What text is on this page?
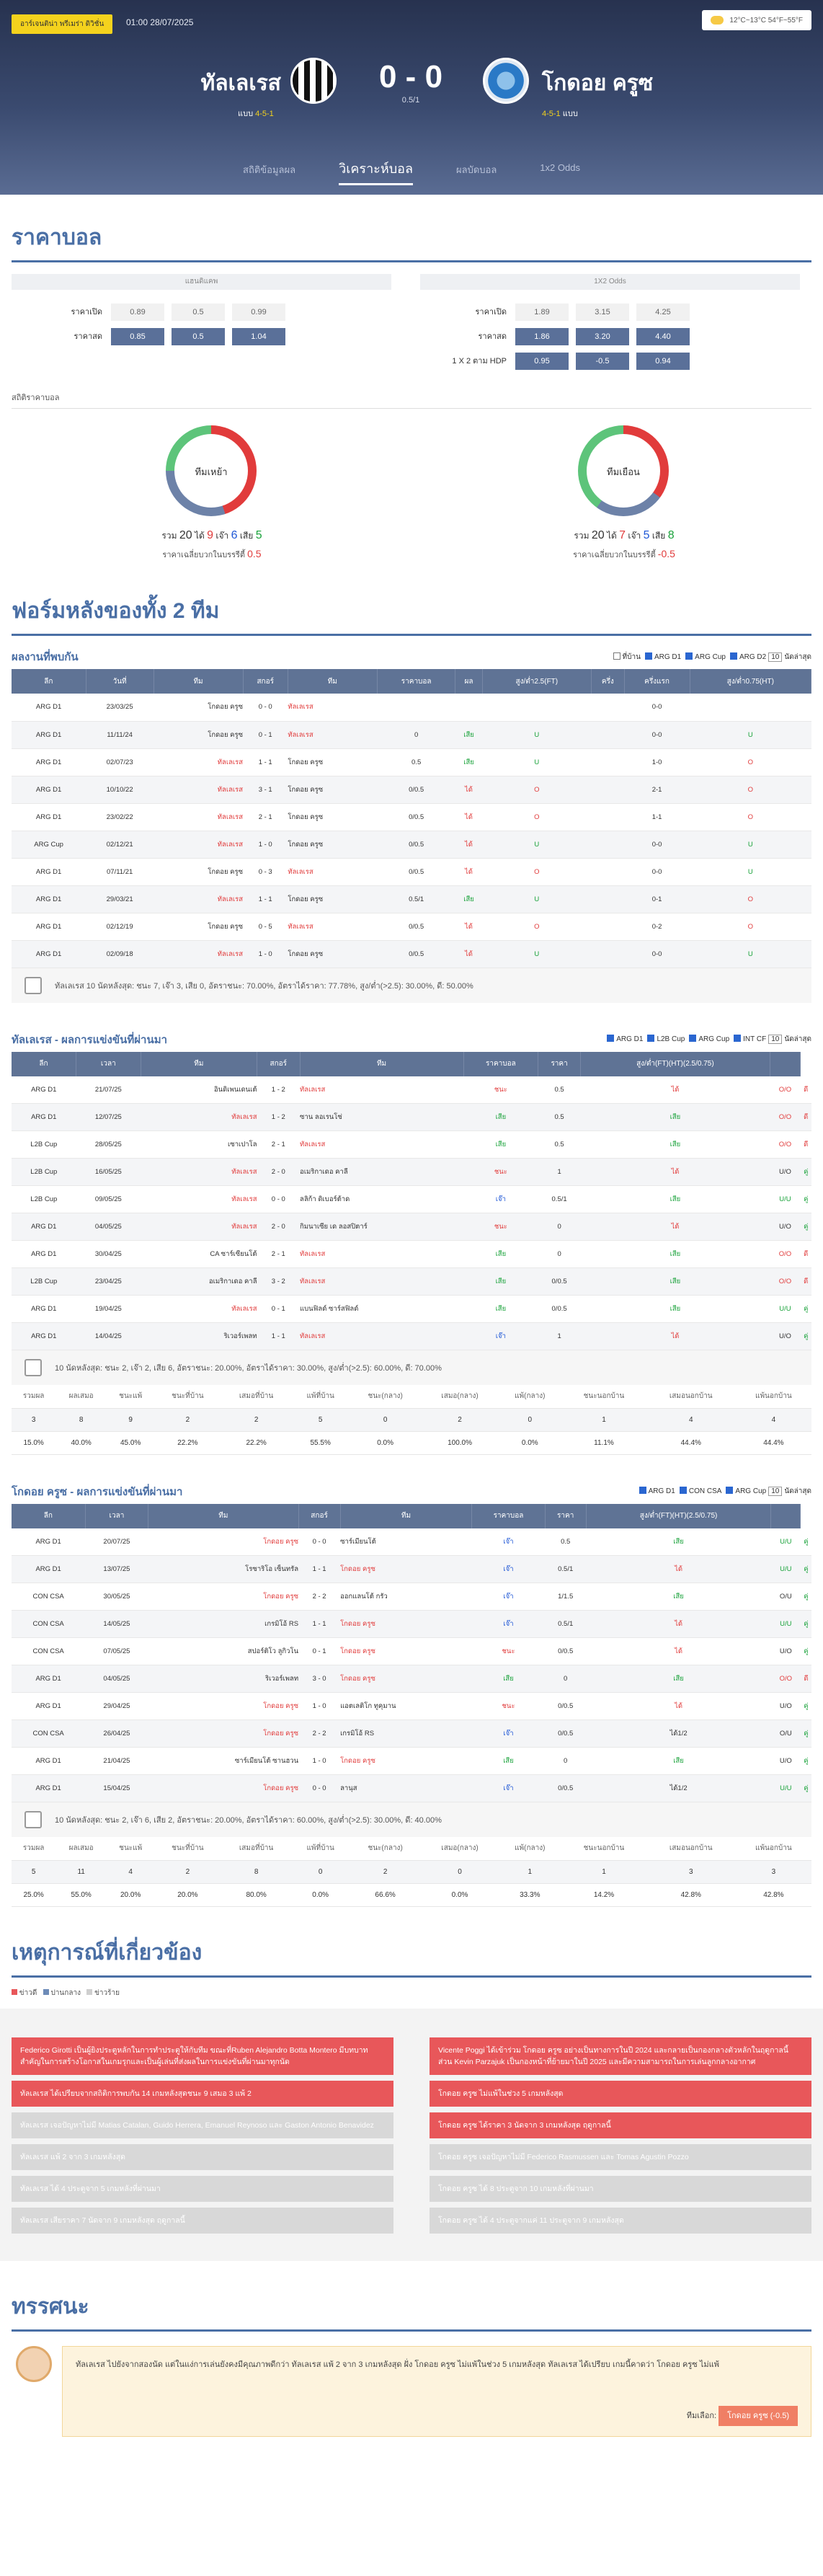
อาร์เจนติน่า พรีเมร่า ดิวิชั่น	01:00 28/07/2025	12°C~13°C 54°F~55°F
ทัลเลเรส	0 - 0
0.5/1
โกดอย ครูซ
แบบ 4-5-1	4-5-1 แบบ
สถิติข้อมูลผล	วิเคราะห์บอล	ผลบัดบอล	1x2 Odds
ราคาบอล
แฮนดิแคพ
ราคาเปิด	0.89	0.5	0.99
ราคาสด	0.85	0.5	1.04
1X2 Odds
ราคาเปิด	1.89	3.15	4.25
ราคาสด	1.86	3.20	4.40
1 X 2 ตาม HDP	0.95	-0.5	0.94
สถิติราคาบอล
ทีมเหย้า
รวม 20 ได้ 9 เจ๊า 6 เสีย 5
ราคาเฉลี่ยบวกในบรรรีตี้ 0.5
ทีมเยือน
รวม 20 ได้ 7 เจ๊า 5 เสีย 8
ราคาเฉลี่ยบวกในบรรรีตี้ -0.5
ฟอร์มหลังของทั้ง 2 ทีม
ผลงานที่พบกัน	ที่บ้าน ARG D1 ARG Cup ARG D2 10 นัดล่าสุด
ลีก	วันที่	ทีม	สกอร์	ทีม	ราคาบอล	ผล	สูง/ต่ำ2.5(FT)	ครึ่ง	ครึ่งแรก	สูง/ต่ำ0.75(HT)
ARG D1	23/03/25	โกดอย ครูซ	0 - 0	ทัลเลเรส					0-0	
ARG D1	11/11/24	โกดอย ครูซ	0 - 1	ทัลเลเรส	0	เสีย	U		0-0	U
ARG D1	02/07/23	ทัลเลเรส	1 - 1	โกดอย ครูซ	0.5	เสีย	U		1-0	O
ARG D1	10/10/22	ทัลเลเรส	3 - 1	โกดอย ครูซ	0/0.5	ได้	O		2-1	O
ARG D1	23/02/22	ทัลเลเรส	2 - 1	โกดอย ครูซ	0/0.5	ได้	O		1-1	O
ARG Cup	02/12/21	ทัลเลเรส	1 - 0	โกดอย ครูซ	0/0.5	ได้	U		0-0	U
ARG D1	07/11/21	โกดอย ครูซ	0 - 3	ทัลเลเรส	0/0.5	ได้	O		0-0	U
ARG D1	29/03/21	ทัลเลเรส	1 - 1	โกดอย ครูซ	0.5/1	เสีย	U		0-1	O
ARG D1	02/12/19	โกดอย ครูซ	0 - 5	ทัลเลเรส	0/0.5	ได้	O		0-2	O
ARG D1	02/09/18	ทัลเลเรส	1 - 0	โกดอย ครูซ	0/0.5	ได้	U		0-0	U
ทัลเลเรส 10 นัดหลังสุด: ชนะ 7, เจ๊า 3, เสีย 0, อัตราชนะ: 70.00%, อัตราได้ราคา: 77.78%, สูง/ต่ำ(>2.5): 30.00%, ดี: 50.00%
ทัลเลเรส - ผลการแข่งขันที่ผ่านมา	ARG D1 L2B Cup ARG Cup INT CF 10 นัดล่าสุด
ลีก	เวลา	ทีม	สกอร์	ทีม	ราคาบอล	ราคา	สูง/ต่ำ(FT)(HT)(2.5/0.75)		
ARG D1	21/07/25	อินดิเพนเดนเต้	1 - 2	ทัลเลเรส	ชนะ	0.5	ได้	O/O	ดี
ARG D1	12/07/25	ทัลเลเรส	1 - 2	ซาน ลอเรนโซ่	เสีย	0.5	เสีย	O/O	ดี
L2B Cup	28/05/25	เซาเปาโล	2 - 1	ทัลเลเรส	เสีย	0.5	เสีย	O/O	ดี
L2B Cup	16/05/25	ทัลเลเรส	2 - 0	อเมริกาเดอ คาลี	ชนะ	1	ได้	U/O	คู่
L2B Cup	09/05/25	ทัลเลเรส	0 - 0	ลลิก้า ดิเบอร์ต้าด	เจ๊า	0.5/1	เสีย	U/U	คู่
ARG D1	04/05/25	ทัลเลเรส	2 - 0	กิมนาเซีย เด ลอสปิตาร์	ชนะ	0	ได้	U/O	คู่
ARG D1	30/04/25	CA ซาร์เซียนโต้	2 - 1	ทัลเลเรส	เสีย	0	เสีย	O/O	ดี
L2B Cup	23/04/25	อเมริกาเดอ คาลี	3 - 2	ทัลเลเรส	เสีย	0/0.5	เสีย	O/O	ดี
ARG D1	19/04/25	ทัลเลเรส	0 - 1	แบนฟิลด์ ซาร์สฟิลด์	เสีย	0/0.5	เสีย	U/U	คู่
ARG D1	14/04/25	ริเวอร์เพลท	1 - 1	ทัลเลเรส	เจ๊า	1	ได้	U/O	คู่
10 นัดหลังสุด: ชนะ 2, เจ๊า 2, เสีย 6, อัตราชนะ: 20.00%, อัตราได้ราคา: 30.00%, สูง/ต่ำ(>2.5): 60.00%, ดี: 70.00%
รวมผล	ผลเสมอ	ชนะแพ้	ชนะที่บ้าน	เสมอที่บ้าน	แพ้ที่บ้าน	ชนะ(กลาง)	เสมอ(กลาง)	แพ้(กลาง)	ชนะนอกบ้าน	เสมอนอกบ้าน	แพ้นอกบ้าน
3	8	9	2	2	5	0	2	0	1	4	4
15.0%	40.0%	45.0%	22.2%	22.2%	55.5%	0.0%	100.0%	0.0%	11.1%	44.4%	44.4%
โกดอย ครูซ - ผลการแข่งขันที่ผ่านมา	ARG D1 CON CSA ARG Cup 10 นัดล่าสุด
ลีก	เวลา	ทีม	สกอร์	ทีม	ราคาบอล	ราคา	สูง/ต่ำ(FT)(HT)(2.5/0.75)		
ARG D1	20/07/25	โกดอย ครูซ	0 - 0	ซาร์เมียนโต้	เจ๊า	0.5	เสีย	U/U	คู่
ARG D1	13/07/25	โรซาริโอ เซ็นทรัล	1 - 1	โกดอย ครูซ	เจ๊า	0.5/1	ได้	U/U	คู่
CON CSA	30/05/25	โกดอย ครูซ	2 - 2	ออกแลนโต้ กรัว	เจ๊า	1/1.5	เสีย	O/U	คู่
CON CSA	14/05/25	เกรมิโอ้ RS	1 - 1	โกดอย ครูซ	เจ๊า	0.5/1	ได้	U/U	คู่
CON CSA	07/05/25	สปอร์ติโว ลูกิวโน	0 - 1	โกดอย ครูซ	ชนะ	0/0.5	ได้	U/O	คู่
ARG D1	04/05/25	ริเวอร์เพลท	3 - 0	โกดอย ครูซ	เสีย	0	เสีย	O/O	ดี
ARG D1	29/04/25	โกดอย ครูซ	1 - 0	แอตเลติโก ทูคุมาน	ชนะ	0/0.5	ได้	U/O	คู่
CON CSA	26/04/25	โกดอย ครูซ	2 - 2	เกรมิโอ้ RS	เจ๊า	0/0.5	ได้1/2	O/U	คู่
ARG D1	21/04/25	ซาร์เมียนโต้ ซานฮวน	1 - 0	โกดอย ครูซ	เสีย	0	เสีย	U/O	คู่
ARG D1	15/04/25	โกดอย ครูซ	0 - 0	ลานุส	เจ๊า	0/0.5	ได้1/2	U/U	คู่
10 นัดหลังสุด: ชนะ 2, เจ๊า 6, เสีย 2, อัตราชนะ: 20.00%, อัตราได้ราคา: 60.00%, สูง/ต่ำ(>2.5): 30.00%, ดี: 40.00%
รวมผล	ผลเสมอ	ชนะแพ้	ชนะที่บ้าน	เสมอที่บ้าน	แพ้ที่บ้าน	ชนะ(กลาง)	เสมอ(กลาง)	แพ้(กลาง)	ชนะนอกบ้าน	เสมอนอกบ้าน	แพ้นอกบ้าน
5	11	4	2	8	0	2	0	1	1	3	3
25.0%	55.0%	20.0%	20.0%	80.0%	0.0%	66.6%	0.0%	33.3%	14.2%	42.8%	42.8%
เหตุการณ์ที่เกี่ยวข้อง
ข่าวดี ปานกลาง ข่าวร้าย
Federico Girotti เป็นผู้ยิงประตูหลักในการทำประตูให้กับทีม ขณะที่Ruben Alejandro Botta Montero มีบทบาทสำคัญในการสร้างโอกาสในเกมรุกและเป็นผู้เล่นที่ส่งผลในการแข่งขันที่ผ่านมาทุกนัด
ทัลเลเรส ได้เปรียบจากสถิติการพบกัน 14 เกมหลังสุดชนะ 9 เสมอ 3 แพ้ 2
ทัลเลเรส เจอปัญหาไม่มี Matias Catalan, Guido Herrera, Emanuel Reynoso และ Gaston Antonio Benavidez
ทัลเลเรส แพ้ 2 จาก 3 เกมหลังสุด
ทัลเลเรส ได้ 4 ประตูจาก 5 เกมหลังที่ผ่านมา
ทัลเลเรส เสียราคา 7 นัดจาก 9 เกมหลังสุด ฤดูกาลนี้
Vicente Poggi ได้เข้าร่วม โกดอย ครูซ อย่างเป็นทางการในปี 2024 และกลายเป็นกองกลางตัวหลักในฤดูกาลนี้ ส่วน Kevin Parzajuk เป็นกองหน้าที่ย้ายมาในปี 2025 และมีความสามารถในการเล่นลูกกลางอากาศ
โกดอย ครูซ ไม่แพ้ในช่วง 5 เกมหลังสุด
โกดอย ครูซ ได้ราคา 3 นัดจาก 3 เกมหลังสุด ฤดูกาลนี้
โกดอย ครูซ เจอปัญหาไม่มี Federico Rasmussen และ Tomas Agustin Pozzo
โกดอย ครูซ ได้ 8 ประตูจาก 10 เกมหลังที่ผ่านมา
โกดอย ครูซ ได้ 4 ประตูจากแค่ 11 ประตูจาก 9 เกมหลังสุด
ทรรศนะ
ทัลเลเรส ไปยังจากสองนัด แต่ในแง่การเล่นยังคงมีคุณภาพดีกว่า ทัลเลเรส แพ้ 2 จาก 3 เกมหลังสุด ฝั่ง โกดอย ครูซ ไม่แพ้ในช่วง 5 เกมหลังสุด ทัลเลเรส ได้เปรียบ เกมนี้คาดว่า โกดอย ครูซ ไม่แพ้
ทีมเลือก: โกดอย ครูซ (-0.5)
